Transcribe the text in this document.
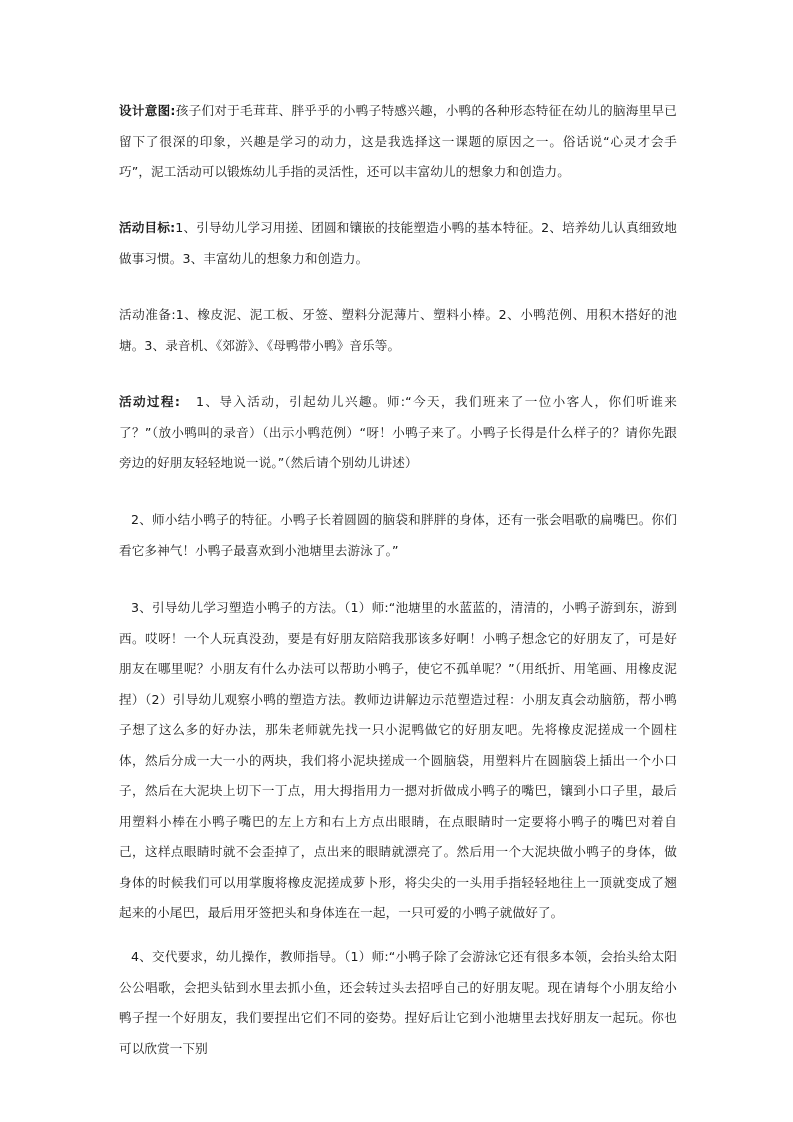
设计意图:孩子们对于毛茸茸、胖乎乎的小鸭子特感兴趣，小鸭的各种形态特征在幼儿的脑海里早已留下了很深的印象，兴趣是学习的动力，这是我选择这一课题的原因之一。俗话说“心灵才会手巧”，泥工活动可以锻炼幼儿手指的灵活性，还可以丰富幼儿的想象力和创造力。

活动目标:1、引导幼儿学习用搓、团圆和镶嵌的技能塑造小鸭的基本特征。2、培养幼儿认真细致地做事习惯。3、丰富幼儿的想象力和创造力。

活动准备:1、橡皮泥、泥工板、牙签、塑料分泥薄片、塑料小棒。2、小鸭范例、用积木搭好的池塘。3、录音机、《郊游》、《母鸭带小鸭》音乐等。

活动过程: 1、导入活动，引起幼儿兴趣。师:“今天，我们班来了一位小客人，你们听谁来了？”（放小鸭叫的录音）（出示小鸭范例）“呀！小鸭子来了。小鸭子长得是什么样子的？请你先跟旁边的好朋友轻轻地说一说。”（然后请个别幼儿讲述）

2、师小结小鸭子的特征。小鸭子长着圆圆的脑袋和胖胖的身体，还有一张会唱歌的扁嘴巴。你们看它多神气！小鸭子最喜欢到小池塘里去游泳了。”

3、引导幼儿学习塑造小鸭子的方法。（1）师:“池塘里的水蓝蓝的，清清的，小鸭子游到东，游到西。哎呀！一个人玩真没劲，要是有好朋友陪陪我那该多好啊！小鸭子想念它的好朋友了，可是好朋友在哪里呢？小朋友有什么办法可以帮助小鸭子，使它不孤单呢？”（用纸折、用笔画、用橡皮泥捏）（2）引导幼儿观察小鸭的塑造方法。教师边讲解边示范塑造过程：小朋友真会动脑筋，帮小鸭子想了这么多的好办法，那朱老师就先找一只小泥鸭做它的好朋友吧。先将橡皮泥搓成一个圆柱体，然后分成一大一小的两块，我们将小泥块搓成一个圆脑袋，用塑料片在圆脑袋上插出一个小口子，然后在大泥块上切下一丁点，用大拇指用力一摁对折做成小鸭子的嘴巴，镶到小口子里，最后用塑料小棒在小鸭子嘴巴的左上方和右上方点出眼睛，在点眼睛时一定要将小鸭子的嘴巴对着自己，这样点眼睛时就不会歪掉了，点出来的眼睛就漂亮了。然后用一个大泥块做小鸭子的身体，做身体的时候我们可以用掌腹将橡皮泥搓成萝卜形，将尖尖的一头用手指轻轻地往上一顶就变成了翘起来的小尾巴，最后用牙签把头和身体连在一起，一只可爱的小鸭子就做好了。

4、交代要求，幼儿操作，教师指导。（1）师:“小鸭子除了会游泳它还有很多本领，会抬头给太阳公公唱歌，会把头钻到水里去抓小鱼，还会转过头去招呼自己的好朋友呢。现在请每个小朋友给小鸭子捏一个好朋友，我们要捏出它们不同的姿势。捏好后让它到小池塘里去找好朋友一起玩。你也可以欣赏一下别
